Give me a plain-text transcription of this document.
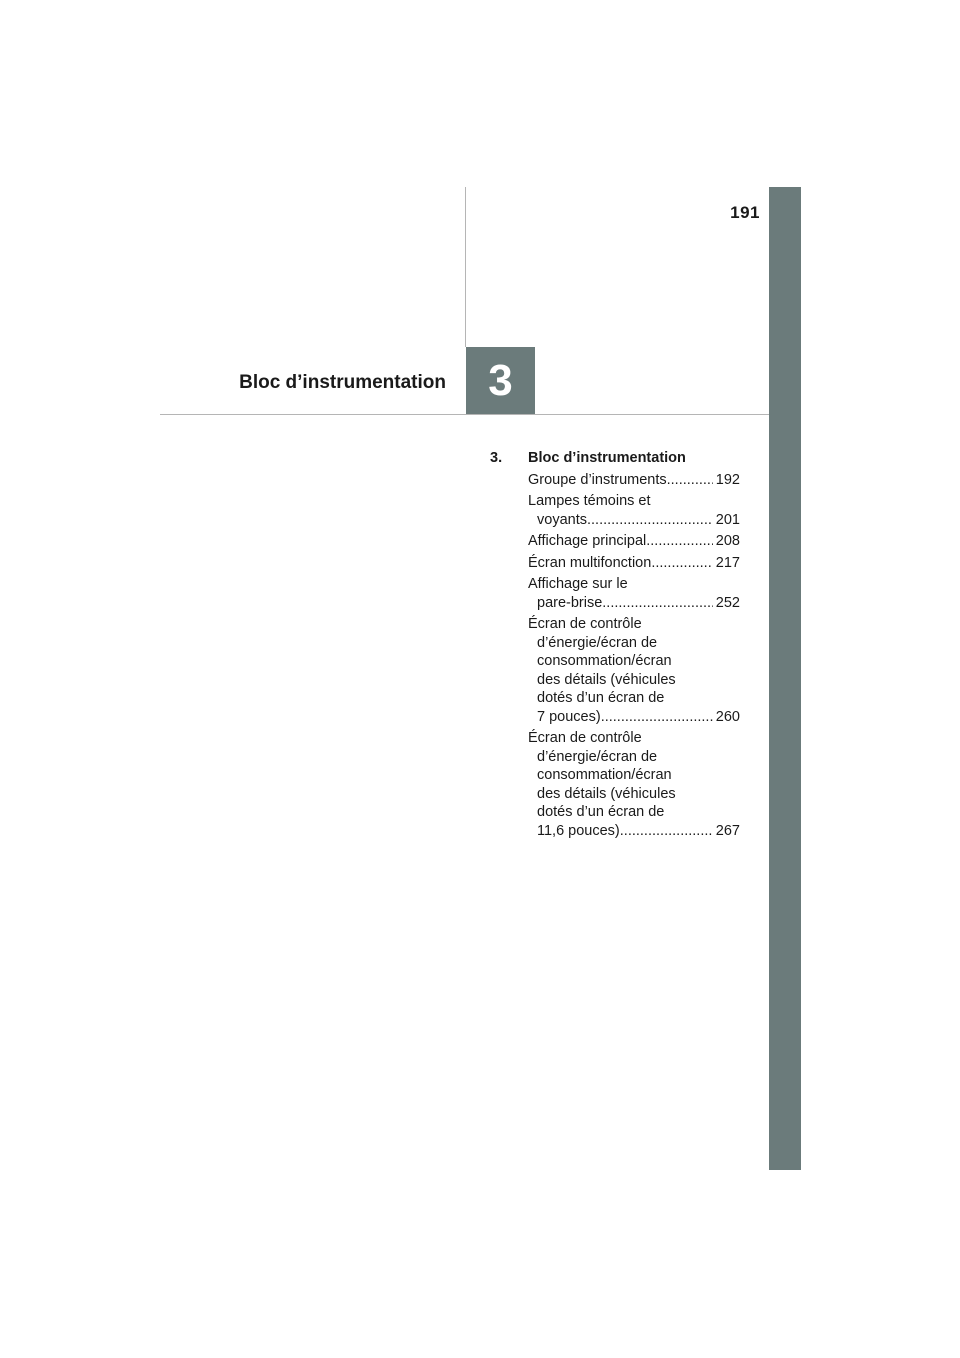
191
3
Bloc d’instrumentation
3.	Bloc d’instrumentation
Groupe d’instruments .....	192
Lampes témoins et
voyants .....	201
Affichage principal .....	208
Écran multifonction .....	217
Affichage sur le
pare-brise .....	252
Écran de contrôle
d’énergie/écran de
consommation/écran
des détails (véhicules
dotés d’un écran de
7 pouces) .....	260
Écran de contrôle
d’énergie/écran de
consommation/écran
des détails (véhicules
dotés d’un écran de
11,6 pouces) .....	267
